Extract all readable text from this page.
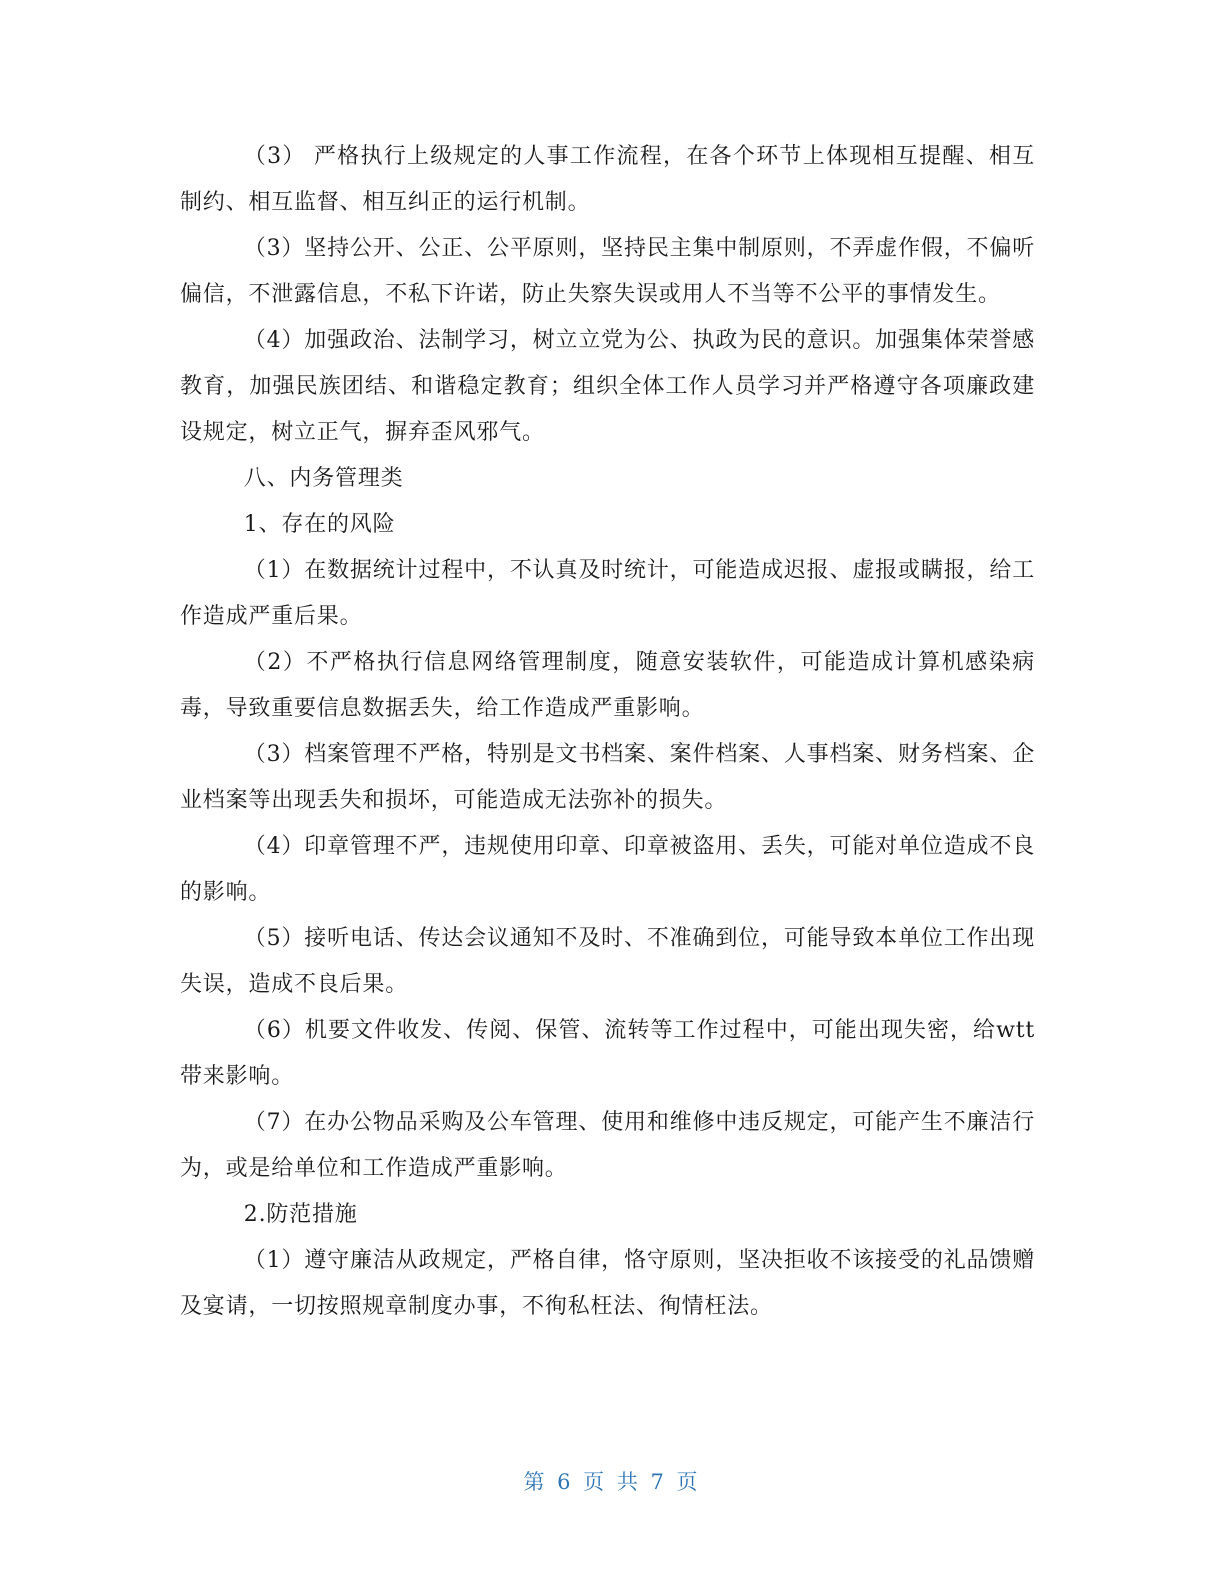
（3） 严格执行上级规定的人事工作流程，在各个环节上体现相互提醒、相互制约、相互监督、相互纠正的运行机制。

（3）坚持公开、公正、公平原则，坚持民主集中制原则，不弄虚作假，不偏听偏信，不泄露信息，不私下许诺，防止失察失误或用人不当等不公平的事情发生。

（4）加强政治、法制学习，树立立党为公、执政为民的意识。加强集体荣誉感教育，加强民族团结、和谐稳定教育；组织全体工作人员学习并严格遵守各项廉政建设规定，树立正气，摒弃歪风邪气。

八、内务管理类

1、存在的风险

（1）在数据统计过程中，不认真及时统计，可能造成迟报、虚报或瞒报，给工作造成严重后果。

（2）不严格执行信息网络管理制度，随意安装软件，可能造成计算机感染病毒，导致重要信息数据丢失，给工作造成严重影响。

（3）档案管理不严格，特别是文书档案、案件档案、人事档案、财务档案、企业档案等出现丢失和损坏，可能造成无法弥补的损失。

（4）印章管理不严，违规使用印章、印章被盗用、丢失，可能对单位造成不良的影响。

（5）接听电话、传达会议通知不及时、不准确到位，可能导致本单位工作出现失误，造成不良后果。

（6）机要文件收发、传阅、保管、流转等工作过程中，可能出现失密，给wtt 带来影响。

（7）在办公物品采购及公车管理、使用和维修中违反规定，可能产生不廉洁行为，或是给单位和工作造成严重影响。

2.防范措施

（1）遵守廉洁从政规定，严格自律，恪守原则，坚决拒收不该接受的礼品馈赠及宴请，一切按照规章制度办事，不徇私枉法、徇情枉法。

第 6 页 共 7 页
